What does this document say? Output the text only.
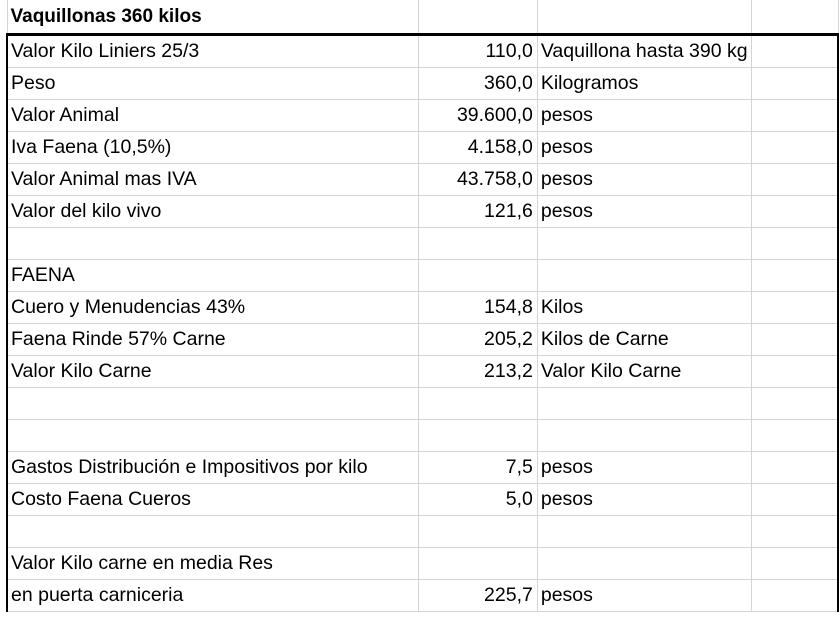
Vaquillonas 360 kilos			
Valor Kilo Liniers 25/3	110,0	Vaquillona hasta 390 kg	
Peso	360,0	Kilogramos	
Valor Animal	39.600,0	pesos	
Iva Faena (10,5%)	4.158,0	pesos	
Valor Animal mas IVA	43.758,0	pesos	
Valor del kilo vivo	121,6	pesos	

FAENA			
Cuero y Menudencias 43%	154,8	Kilos	
Faena Rinde 57% Carne	205,2	Kilos de Carne	
Valor Kilo Carne	213,2	Valor Kilo Carne	

Gastos Distribución e Impositivos por kilo	7,5	pesos	
Costo Faena Cueros	5,0	pesos	

Valor Kilo carne en media Res			
en puerta carniceria	225,7	pesos	
